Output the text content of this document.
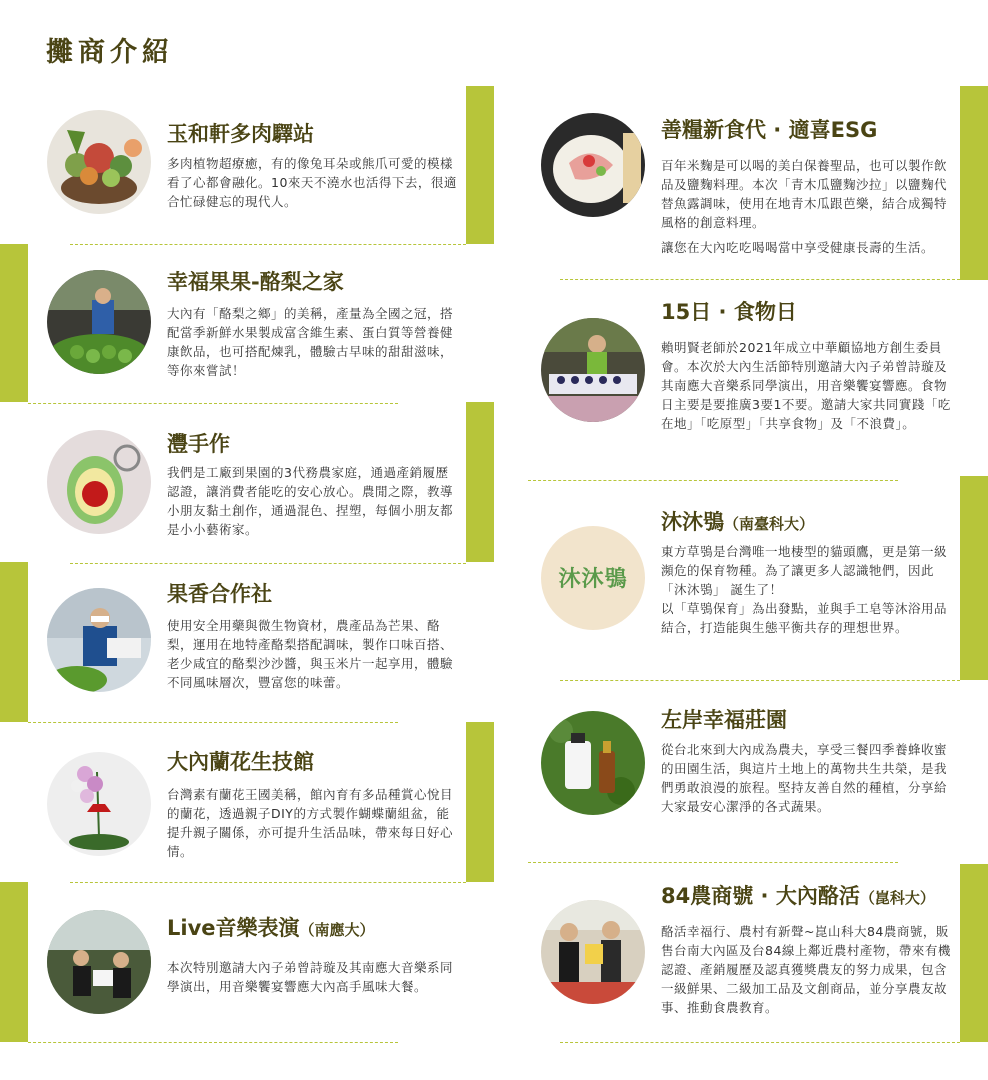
攤商介紹
玉和軒多肉驛站

多肉植物超療癒，有的像兔耳朵或熊爪可愛的模樣看了心都會融化。10來天不澆水也活得下去，很適合忙碌健忘的現代人。

幸福果果-酪梨之家

大內有「酪梨之鄉」的美稱，產量為全國之冠，搭配當季新鮮水果製成富含維生素、蛋白質等營養健康飲品，也可搭配煉乳，體驗古早味的甜甜滋味，等你來嘗試！

灃手作

我們是工廠到果園的3代務農家庭，通過產銷履歷認證，讓消費者能吃的安心放心。農閒之際，教導小朋友黏土創作，通過混色、捏塑，每個小朋友都是小小藝術家。

果香合作社

使用安全用藥與微生物資材，農產品為芒果、酪梨，運用在地特產酪梨搭配調味，製作口味百搭、老少咸宜的酪梨沙沙醬，與玉米片一起享用，體驗不同風味層次，豐富您的味蕾。

大內蘭花生技館

台灣素有蘭花王國美稱，館內育有多品種賞心悅目的蘭花，透過親子DIY的方式製作蝴蝶蘭組盆，能提升親子關係，亦可提升生活品味，帶來每日好心情。

Live音樂表演（南應大）

本次特別邀請大內子弟曾詩璇及其南應大音樂系同學演出，用音樂饗宴響應大內高手風味大餐。

善糧新食代 · 適喜ESG

百年米麴是可以喝的美白保養聖品，也可以製作飲品及鹽麴料理。本次「青木瓜鹽麴沙拉」以鹽麴代替魚露調味，使用在地青木瓜跟芭樂，結合成獨特風格的創意料理。

讓您在大內吃吃喝喝當中享受健康長壽的生活。

15日 · 食物日

賴明賢老師於2021年成立中華顧協地方創生委員會。本次於大內生活節特別邀請大內子弟曾詩璇及其南應大音樂系同學演出，用音樂饗宴響應。食物日主要是要推廣3要1不要。邀請大家共同實踐「吃在地」「吃原型」「共享食物」及「不浪費」。

沐沐鴞
沐沐鴞（南臺科大）

東方草鴞是台灣唯一地棲型的貓頭鷹，更是第一級瀕危的保育物種。為了讓更多人認識牠們，因此 「沐沐鴞」 誕生了！

以「草鴞保育」為出發點，並與手工皂等沐浴用品結合，打造能與生態平衡共存的理想世界。

左岸幸福莊園

從台北來到大內成為農夫，享受三餐四季養蜂收蜜的田園生活，與這片土地上的萬物共生共榮，是我們勇敢浪漫的旅程。堅持友善自然的種植，分享給大家最安心潔淨的各式蔬果。

84農商號 · 大內酪活（崑科大）

酪活幸福行、農村有新聲~崑山科大84農商號，販售台南大內區及台84線上鄰近農村產物，帶來有機認證、產銷履歷及認真獲獎農友的努力成果，包含一級鮮果、二級加工品及文創商品，並分享農友故事、推動食農教育。
